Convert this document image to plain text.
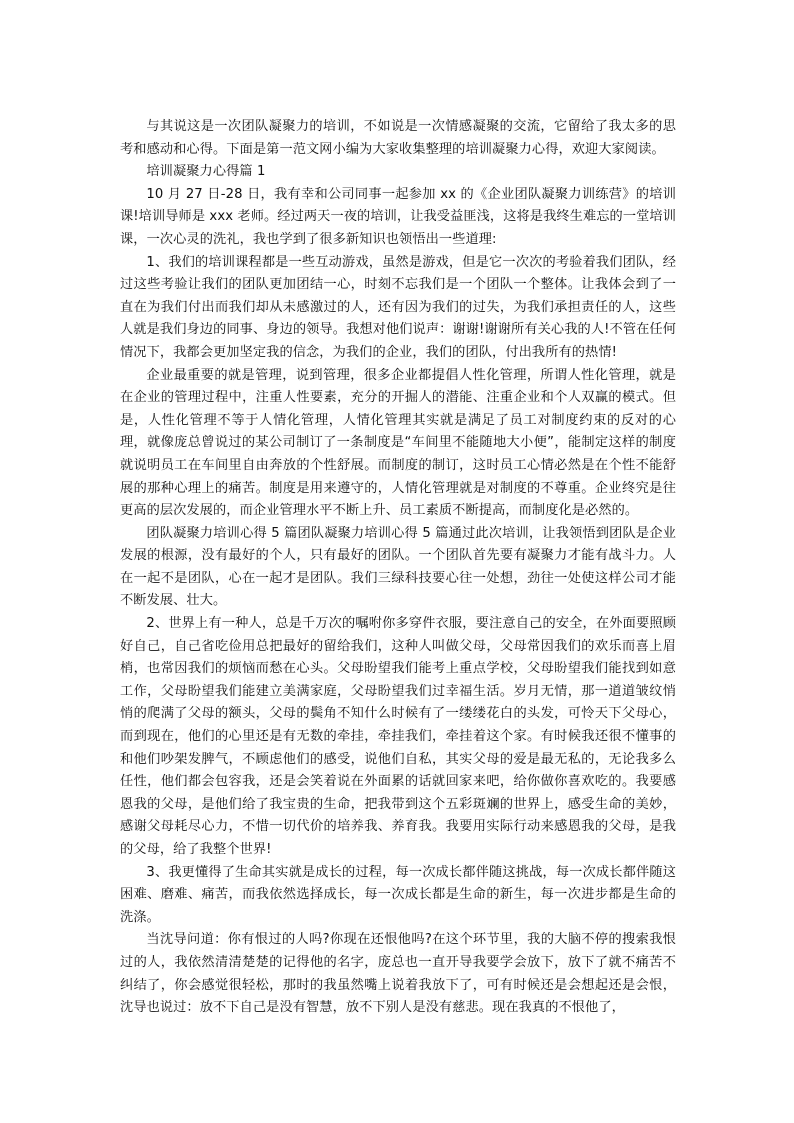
与其说这是一次团队凝聚力的培训，不如说是一次情感凝聚的交流，它留给了我太多的思考和感动和心得。下面是第一范文网小编为大家收集整理的培训凝聚力心得，欢迎大家阅读。

培训凝聚力心得篇 1

10 月 27 日-28 日，我有幸和公司同事一起参加 xx 的《企业团队凝聚力训练营》的培训课!培训导师是 xxx 老师。经过两天一夜的培训，让我受益匪浅，这将是我终生难忘的一堂培训课，一次心灵的洗礼，我也学到了很多新知识也领悟出一些道理:

1、我们的培训课程都是一些互动游戏，虽然是游戏，但是它一次次的考验着我们团队，经过这些考验让我们的团队更加团结一心，时刻不忘我们是一个团队一个整体。让我体会到了一直在为我们付出而我们却从未感激过的人，还有因为我们的过失，为我们承担责任的人，这些人就是我们身边的同事、身边的领导。我想对他们说声：谢谢!谢谢所有关心我的人!不管在任何情况下，我都会更加坚定我的信念，为我们的企业，我们的团队，付出我所有的热情!

企业最重要的就是管理，说到管理，很多企业都提倡人性化管理，所谓人性化管理，就是在企业的管理过程中，注重人性要素，充分的开掘人的潜能、注重企业和个人双赢的模式。但是，人性化管理不等于人情化管理，人情化管理其实就是满足了员工对制度约束的反对的心理，就像庞总曾说过的某公司制订了一条制度是“车间里不能随地大小便”，能制定这样的制度就说明员工在车间里自由奔放的个性舒展。而制度的制订，这时员工心情必然是在个性不能舒展的那种心理上的痛苦。制度是用来遵守的，人情化管理就是对制度的不尊重。企业终究是往更高的层次发展的，而企业管理水平不断上升、员工素质不断提高，而制度化是必然的。

团队凝聚力培训心得 5 篇团队凝聚力培训心得 5 篇通过此次培训，让我领悟到团队是企业发展的根源，没有最好的个人，只有最好的团队。一个团队首先要有凝聚力才能有战斗力。人在一起不是团队，心在一起才是团队。我们三绿科技要心往一处想，劲往一处使这样公司才能不断发展、壮大。

2、世界上有一种人，总是千万次的嘱咐你多穿件衣服，要注意自己的安全，在外面要照顾好自己，自己省吃俭用总把最好的留给我们，这种人叫做父母，父母常因我们的欢乐而喜上眉梢，也常因我们的烦恼而愁在心头。父母盼望我们能考上重点学校，父母盼望我们能找到如意工作，父母盼望我们能建立美满家庭，父母盼望我们过幸福生活。岁月无情，那一道道皱纹悄悄的爬满了父母的额头，父母的鬓角不知什么时候有了一缕缕花白的头发，可怜天下父母心，而到现在，他们的心里还是有无数的牵挂，牵挂我们，牵挂着这个家。有时候我还很不懂事的和他们吵架发脾气，不顾虑他们的感受，说他们自私，其实父母的爱是最无私的，无论我多么任性，他们都会包容我，还是会笑着说在外面累的话就回家来吧，给你做你喜欢吃的。我要感恩我的父母，是他们给了我宝贵的生命，把我带到这个五彩斑斓的世界上，感受生命的美妙，感谢父母耗尽心力，不惜一切代价的培养我、养育我。我要用实际行动来感恩我的父母，是我的父母，给了我整个世界!

3、我更懂得了生命其实就是成长的过程，每一次成长都伴随这挑战，每一次成长都伴随这困难、磨难、痛苦，而我依然选择成长，每一次成长都是生命的新生，每一次进步都是生命的洗涤。

当沈导问道：你有恨过的人吗?你现在还恨他吗?在这个环节里，我的大脑不停的搜索我恨过的人，我依然清清楚楚的记得他的名字，庞总也一直开导我要学会放下，放下了就不痛苦不纠结了，你会感觉很轻松，那时的我虽然嘴上说着我放下了，可有时候还是会想起还是会恨，沈导也说过：放不下自己是没有智慧，放不下别人是没有慈悲。现在我真的不恨他了，
